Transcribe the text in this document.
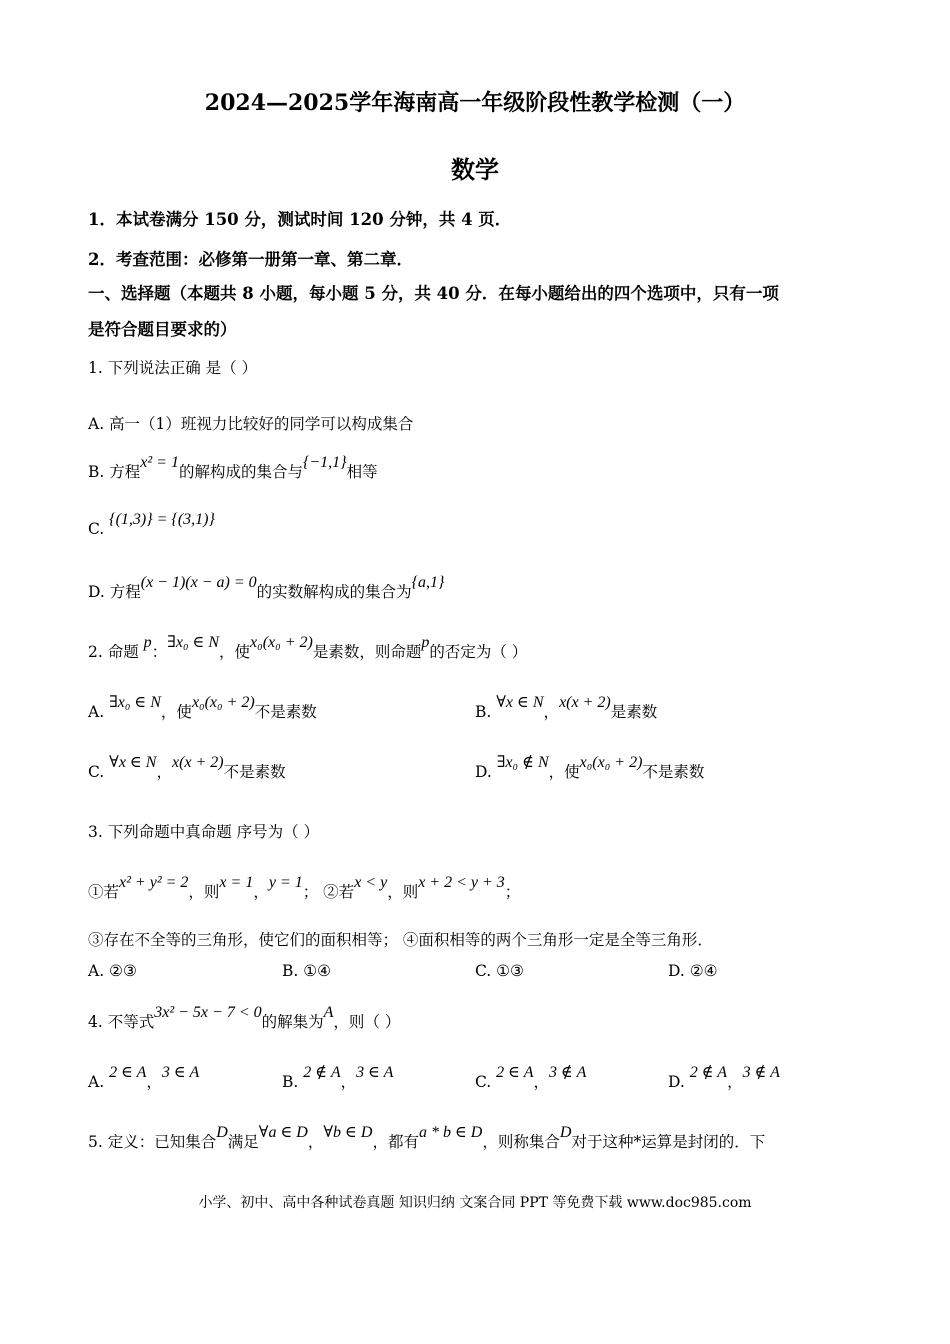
2024—2025学年海南高一年级阶段性教学检测（一）
数学
1．本试卷满分 150 分，测试时间 120 分钟，共 4 页．
2．考查范围：必修第一册第一章、第二章．
一、选择题（本题共 8 小题，每小题 5 分，共 40 分．在每小题给出的四个选项中，只有一项
是符合题目要求的）
1. 下列说法正确 是（ ）
A. 高一（1）班视力比较好的同学可以构成集合
B. 方程x² = 1的解构成的集合与{−1,1}相等
C. {(1,3)} = {(3,1)}
D. 方程(x − 1)(x − a) = 0的实数解构成的集合为{a,1}
2. 命题 p：∃x₀ ∈ N，使x₀(x₀ + 2)是素数，则命题p的否定为（ ）
A. ∃x₀ ∈ N，使x₀(x₀ + 2)不是素数	B. ∀x ∈ N，x(x + 2)是素数
C. ∀x ∈ N，x(x + 2)不是素数	D. ∃x₀ ∉ N，使x₀(x₀ + 2)不是素数
3. 下列命题中真命题 序号为（ ）
①若x² + y² = 2，则x = 1，y = 1； ②若x < y，则x + 2 < y + 3；
③存在不全等的三角形，使它们的面积相等； ④面积相等的两个三角形一定是全等三角形．
A. ②③	B. ①④	C. ①③	D. ②④
4. 不等式3x² − 5x − 7 < 0的解集为A，则（ ）
A. 2 ∈ A，3 ∈ A
B. 2 ∉ A，3 ∈ A
C. 2 ∈ A，3 ∉ A
D. 2 ∉ A，3 ∉ A
5. 定义：已知集合D满足∀a ∈ D，∀b ∈ D，都有a * b ∈ D，则称集合D对于这种*运算是封闭的．下
小学、初中、高中各种试卷真题 知识归纳 文案合同 PPT 等免费下载 www.doc985.com
